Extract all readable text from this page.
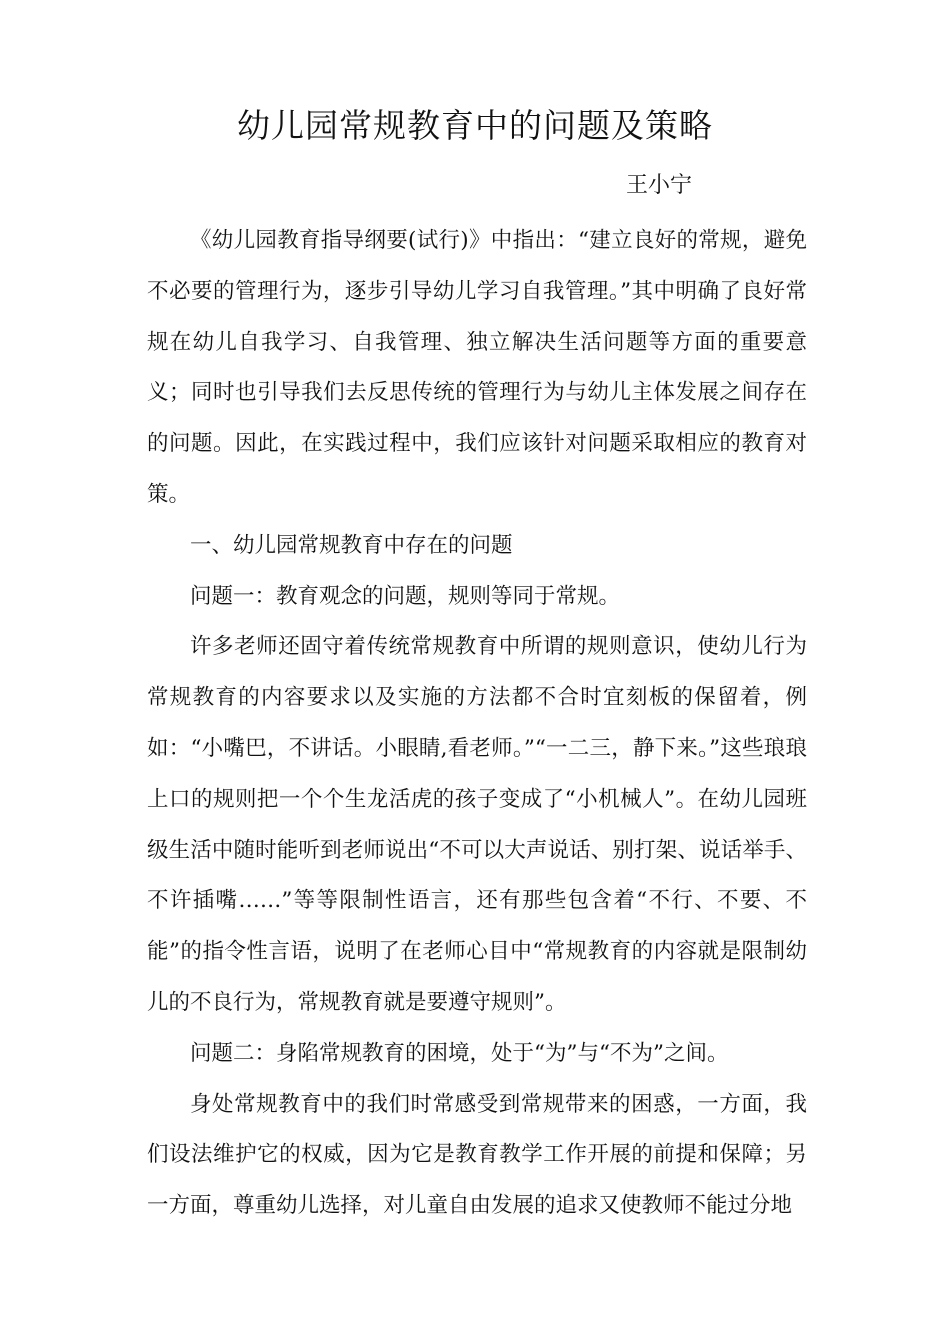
幼儿园常规教育中的问题及策略
王小宁

《幼儿园教育指导纲要(试行)》中指出：“建立良好的常规，避免不必要的管理行为，逐步引导幼儿学习自我管理。”其中明确了良好常规在幼儿自我学习、自我管理、独立解决生活问题等方面的重要意义；同时也引导我们去反思传统的管理行为与幼儿主体发展之间存在的问题。因此，在实践过程中，我们应该针对问题采取相应的教育对策。

一、幼儿园常规教育中存在的问题

问题一：教育观念的问题，规则等同于常规。

许多老师还固守着传统常规教育中所谓的规则意识，使幼儿行为常规教育的内容要求以及实施的方法都不合时宜刻板的保留着，例如：“小嘴巴，不讲话。小眼睛,看老师。”“一二三，静下来。”这些琅琅上口的规则把一个个生龙活虎的孩子变成了“小机械人”。在幼儿园班级生活中随时能听到老师说出“不可以大声说话、别打架、说话举手、不许插嘴……”等等限制性语言，还有那些包含着“不行、不要、不能”的指令性言语，说明了在老师心目中“常规教育的内容就是限制幼儿的不良行为，常规教育就是要遵守规则”。

问题二：身陷常规教育的困境，处于“为”与“不为”之间。

身处常规教育中的我们时常感受到常规带来的困惑，一方面，我们设法维护它的权威，因为它是教育教学工作开展的前提和保障；另一方面，尊重幼儿选择，对儿童自由发展的追求又使教师不能过分地
